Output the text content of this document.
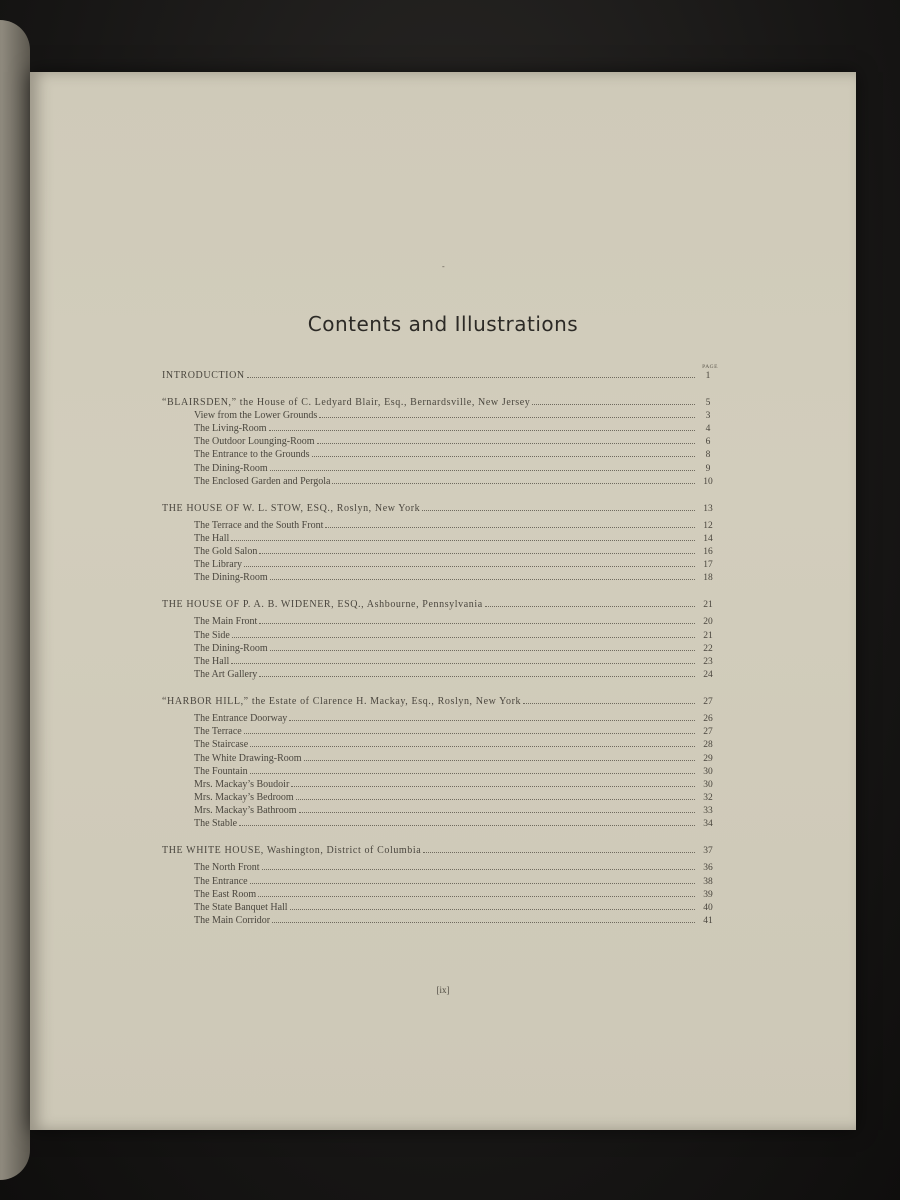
-
Contents and Illustrations
PAGE
INTRODUCTION	1
“BLAIRSDEN,” the House of C. Ledyard Blair, Esq., Bernardsville, New Jersey	5
View from the Lower Grounds	3
The Living-Room	4
The Outdoor Lounging-Room	6
The Entrance to the Grounds	8
The Dining-Room	9
The Enclosed Garden and Pergola	10
THE HOUSE OF W. L. STOW, ESQ., Roslyn, New York	13
The Terrace and the South Front	12
The Hall	14
The Gold Salon	16
The Library	17
The Dining-Room	18
THE HOUSE OF P. A. B. WIDENER, ESQ., Ashbourne, Pennsylvania	21
The Main Front	20
The Side	21
The Dining-Room	22
The Hall	23
The Art Gallery	24
“HARBOR HILL,” the Estate of Clarence H. Mackay, Esq., Roslyn, New York	27
The Entrance Doorway	26
The Terrace	27
The Staircase	28
The White Drawing-Room	29
The Fountain	30
Mrs. Mackay’s Boudoir	30
Mrs. Mackay’s Bedroom	32
Mrs. Mackay’s Bathroom	33
The Stable	34
THE WHITE HOUSE, Washington, District of Columbia	37
The North Front	36
The Entrance	38
The East Room	39
The State Banquet Hall	40
The Main Corridor	41
[ix]
